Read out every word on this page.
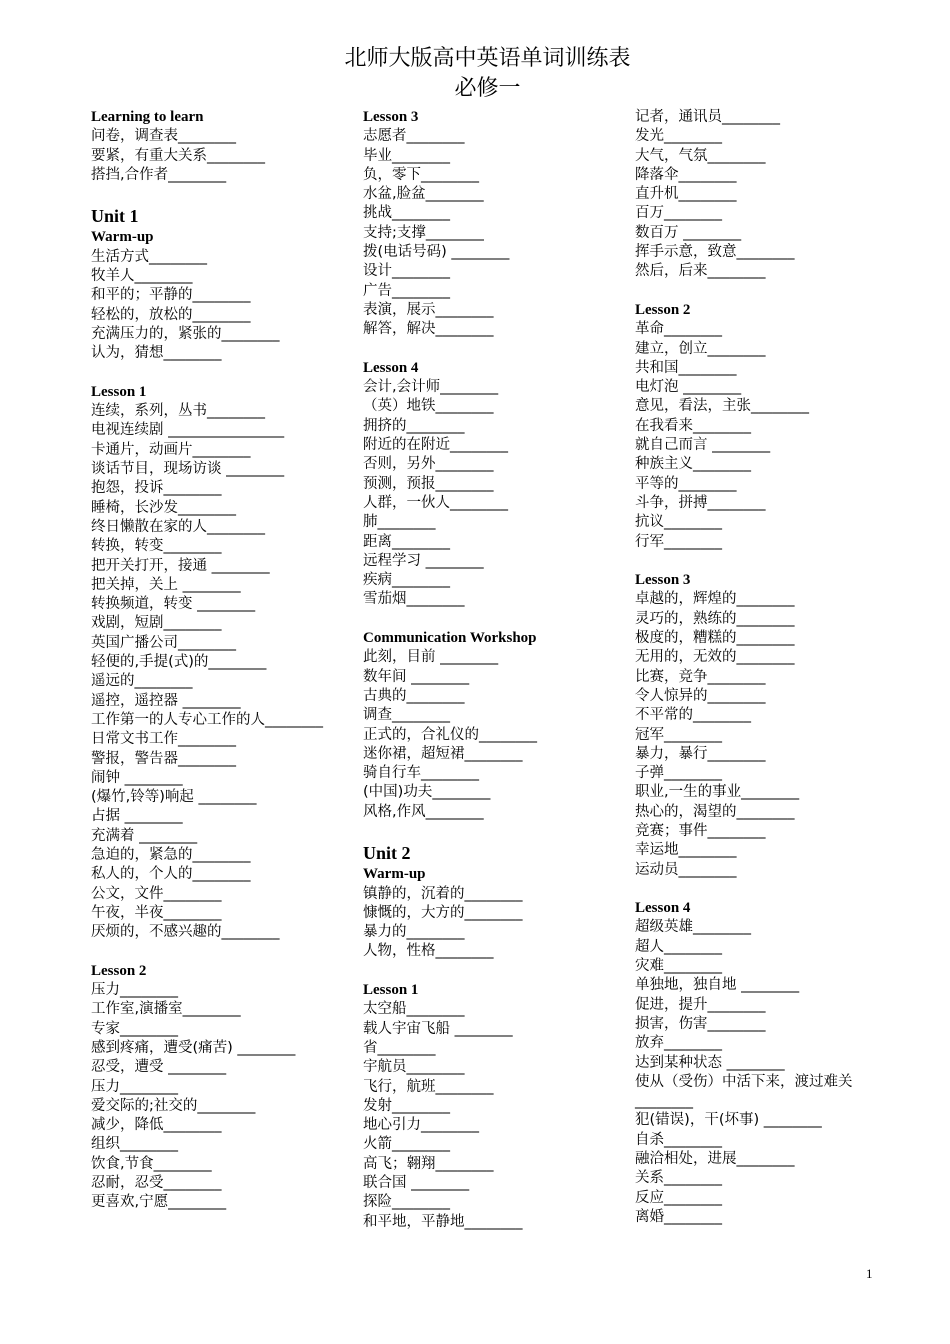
北师大版高中英语单词训练表
必修一
Learning to learn
问卷，调查表________
要紧，有重大关系________
搭挡,合作者________
Unit 1
Warm-up
生活方式________
牧羊人________
和平的；平静的________
轻松的，放松的________
充满压力的，紧张的________
认为，猜想________
Lesson 1
连续，系列，丛书________
电视连续剧 ________________
卡通片，动画片________
谈话节目，现场访谈 ________
抱怨，投诉________
睡椅，长沙发________
终日懒散在家的人________
转换，转变________
把开关打开，接通 ________
把关掉，关上 ________
转换频道，转变 ________
戏剧，短剧________
英国广播公司________
轻便的,手提(式)的________
遥远的________
遥控，遥控器 ________
工作第一的人专心工作的人________
日常文书工作________
警报，警告器________
闹钟 ________
(爆竹,铃等)响起 ________
占据 ________
充满着 ________
急迫的，紧急的________
私人的，个人的________
公文，文件________
午夜，半夜________
厌烦的，不感兴趣的________
Lesson 2
压力________
工作室,演播室________
专家________
感到疼痛，遭受(痛苦) ________
忍受，遭受 ________
压力________
爱交际的;社交的________
减少，降低________
组织________
饮食,节食________
忍耐，忍受________
更喜欢,宁愿________
Lesson 3
志愿者________
毕业________
负，零下________
水盆,脸盆________
挑战________
支持;支撑________
拨(电话号码) ________
设计________
广告________
表演，展示________
解答，解决________
Lesson 4
会计,会计师________
（英）地铁________
拥挤的________
附近的在附近________
否则，另外________
预测，预报________
人群，一伙人________
肺________
距离________
远程学习 ________
疾病________
雪茄烟________
Communication Workshop
此刻，目前 ________
数年间 ________
古典的________
调查________
正式的，合礼仪的________
迷你裙，超短裙________
骑自行车________
(中国)功夫________
风格,作风________
Unit 2
Warm-up
镇静的，沉着的________
慷慨的，大方的________
暴力的________
人物，性格________
Lesson 1
太空船________
载人宇宙飞船 ________
省________
宇航员________
飞行，航班________
发射________
地心引力________
火箭________
高飞；翱翔________
联合国 ________
探险________
和平地，平静地________
记者，通讯员________
发光________
大气，气氛________
降落伞________
直升机________
百万________
数百万 ________
挥手示意，致意________
然后，后来________
Lesson 2
革命________
建立，创立________
共和国________
电灯泡 ________
意见，看法，主张________
在我看来________
就自己而言 ________
种族主义________
平等的________
斗争，拼搏________
抗议________
行军________
Lesson 3
卓越的，辉煌的________
灵巧的，熟练的________
极度的，糟糕的________
无用的，无效的________
比赛，竞争________
令人惊异的________
不平常的________
冠军________
暴力，暴行________
子弹________
职业,一生的事业________
热心的，渴望的________
竞赛；事件________
幸运地________
运动员________
Lesson 4
超级英雄________
超人________
灾难________
单独地，独自地 ________
促进，提升________
损害，伤害________
放弃________
达到某种状态 ________
使从（受伤）中活下来，渡过难关________
犯(错误)，干(坏事) ________
自杀________
融洽相处，进展________
关系________
反应________
离婚________
1
